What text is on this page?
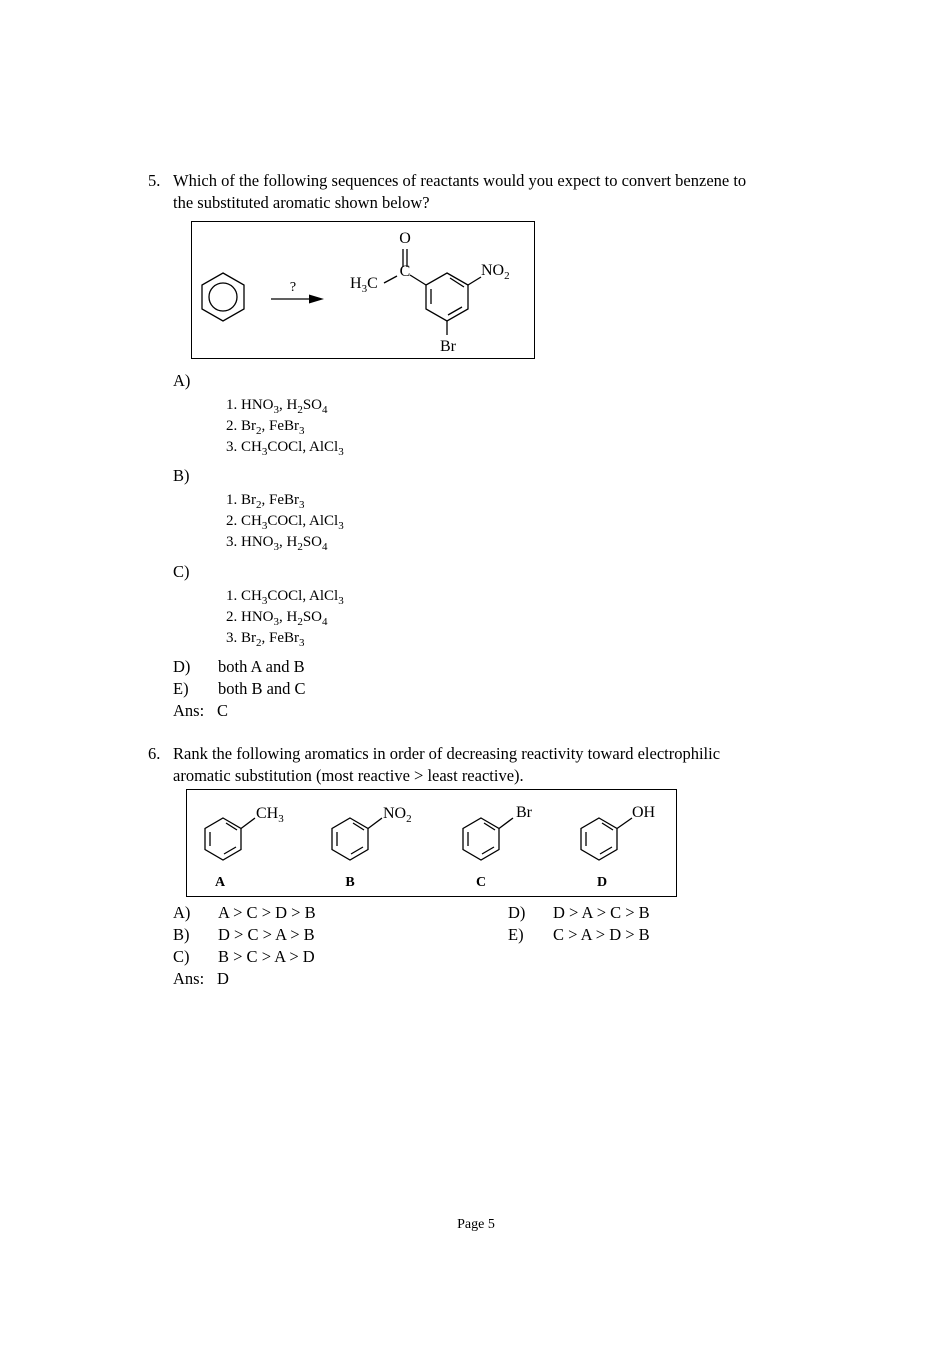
5. Which of the following sequences of reactants would you expect to convert benzene to
the substituted aromatic shown below?
?
O
C
$H_3C$
$NO_2$
Br
A)
1. $HNO_3$, $H_2SO_4$
2. $Br_2$, FeBr$_3$
3. $CH_3COCl$, AlCl$_3$
B)
1. $Br_2$, FeBr$_3$
2. $CH_3COCl$, AlCl$_3$
3. $HNO_3$, $H_2SO_4$
C)
1. $CH_3COCl$, AlCl$_3$
2. $HNO_3$, $H_2SO_4$
3. $Br_2$, FeBr$_3$
D) both A and B
E) both B and C
Ans: C
6. Rank the following aromatics in order of decreasing reactivity toward electrophilic
aromatic substitution (most reactive > least reactive).
$CH_3$	$NO_2$	Br	OH
A	B	C	D
A) A > C > D > B
B) D > C > A > B
C) B > C > A > D
D) D > A > C > B
E) C > A > D > B
Ans: D
Page 5
